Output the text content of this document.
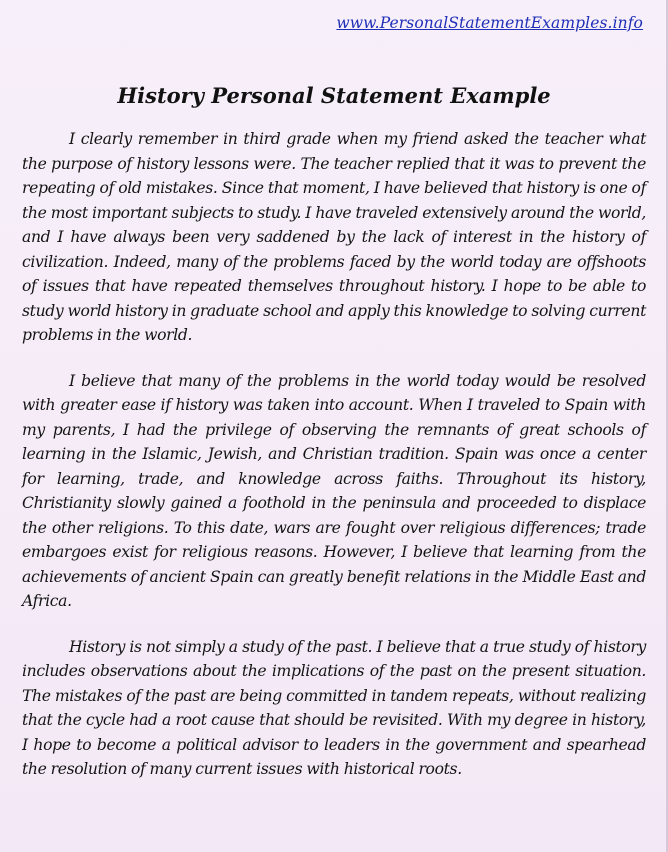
www.PersonalStatementExamples.info
History Personal Statement Example

I clearly remember in third grade when my friend asked the teacher what the purpose of history lessons were. The teacher replied that it was to prevent the repeating of old mistakes. Since that moment, I have believed that history is one of the most important subjects to study. I have traveled extensively around the world, and I have always been very saddened by the lack of interest in the history of civilization. Indeed, many of the problems faced by the world today are offshoots of issues that have repeated themselves throughout history. I hope to be able to study world history in graduate school and apply this knowledge to solving current problems in the world.

I believe that many of the problems in the world today would be resolved with greater ease if history was taken into account. When I traveled to Spain with my parents, I had the privilege of observing the remnants of great schools of learning in the Islamic, Jewish, and Christian tradition. Spain was once a center for learning, trade, and knowledge across faiths. Throughout its history, Christianity slowly gained a foothold in the peninsula and proceeded to displace the other religions. To this date, wars are fought over religious differences; trade embargoes exist for religious reasons. However, I believe that learning from the achievements of ancient Spain can greatly benefit relations in the Middle East and Africa.

History is not simply a study of the past. I believe that a true study of history includes observations about the implications of the past on the present situation. The mistakes of the past are being committed in tandem repeats, without realizing that the cycle had a root cause that should be revisited. With my degree in history, I hope to become a political advisor to leaders in the government and spearhead the resolution of many current issues with historical roots.
